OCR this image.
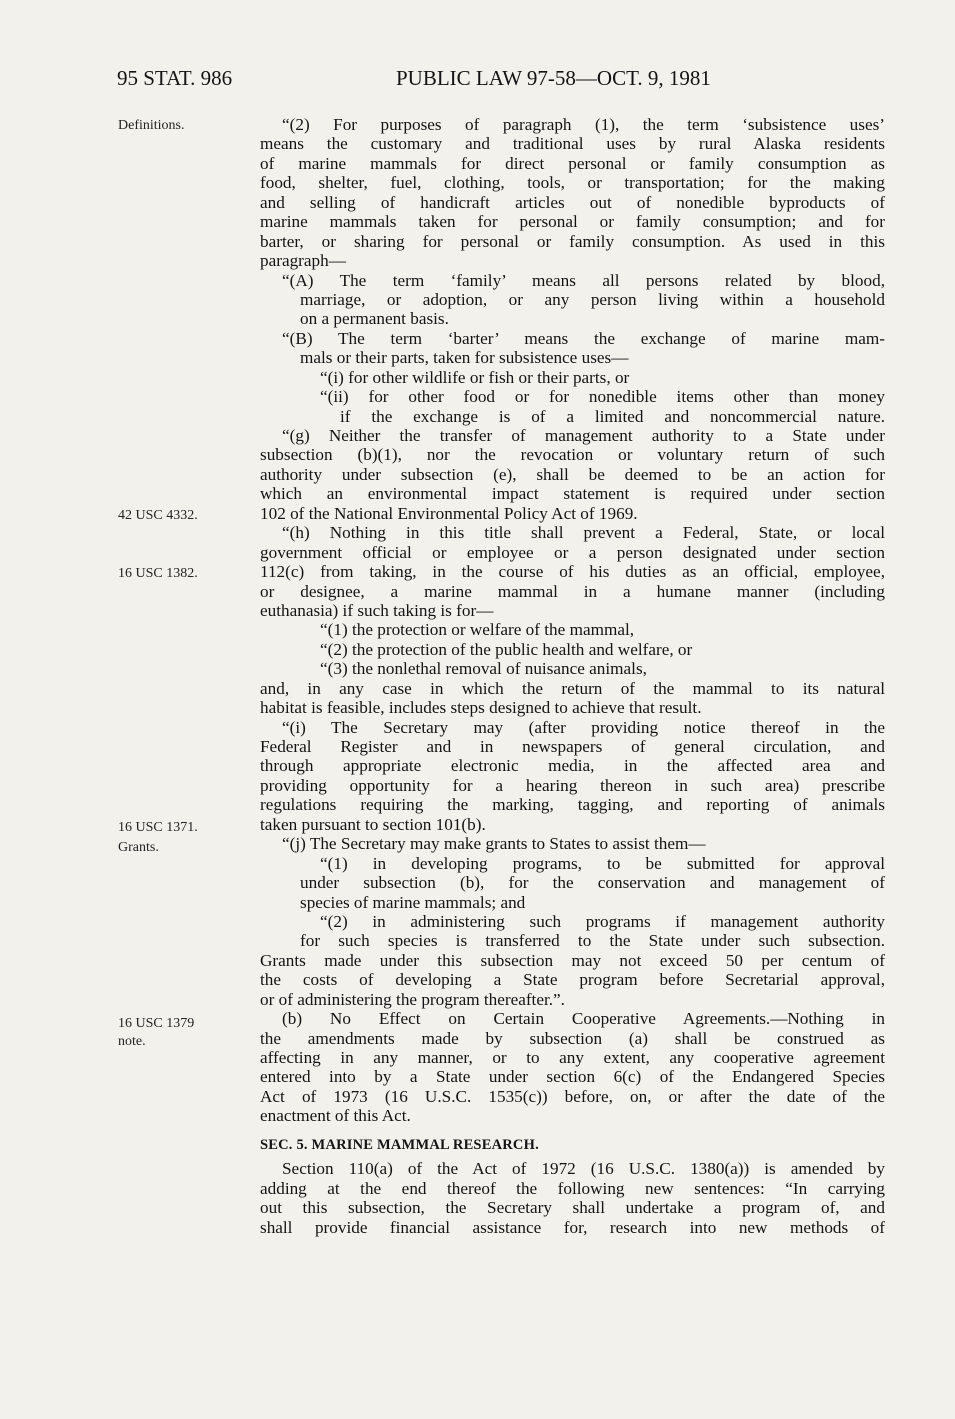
95 STAT. 986	PUBLIC LAW 97-58—OCT. 9, 1981
Definitions.
42 USC 4332.
16 USC 1382.
16 USC 1371.
Grants.
16 USC 1379
note.
“(2) For purposes of paragraph (1), the term ‘subsistence uses’
means the customary and traditional uses by rural Alaska residents
of marine mammals for direct personal or family consumption as
food, shelter, fuel, clothing, tools, or transportation; for the making
and selling of handicraft articles out of nonedible byproducts of
marine mammals taken for personal or family consumption; and for
barter, or sharing for personal or family consumption. As used in this
paragraph—
“(A) The term ‘family’ means all persons related by blood,
marriage, or adoption, or any person living within a household
on a permanent basis.
“(B) The term ‘barter’ means the exchange of marine mam-
mals or their parts, taken for subsistence uses—
“(i) for other wildlife or fish or their parts, or
“(ii) for other food or for nonedible items other than money
if the exchange is of a limited and noncommercial nature.
“(g) Neither the transfer of management authority to a State under
subsection (b)(1), nor the revocation or voluntary return of such
authority under subsection (e), shall be deemed to be an action for
which an environmental impact statement is required under section
102 of the National Environmental Policy Act of 1969.
“(h) Nothing in this title shall prevent a Federal, State, or local
government official or employee or a person designated under section
112(c) from taking, in the course of his duties as an official, employee,
or designee, a marine mammal in a humane manner (including
euthanasia) if such taking is for—
“(1) the protection or welfare of the mammal,
“(2) the protection of the public health and welfare, or
“(3) the nonlethal removal of nuisance animals,
and, in any case in which the return of the mammal to its natural
habitat is feasible, includes steps designed to achieve that result.
“(i) The Secretary may (after providing notice thereof in the
Federal Register and in newspapers of general circulation, and
through appropriate electronic media, in the affected area and
providing opportunity for a hearing thereon in such area) prescribe
regulations requiring the marking, tagging, and reporting of animals
taken pursuant to section 101(b).
“(j) The Secretary may make grants to States to assist them—
“(1) in developing programs, to be submitted for approval
under subsection (b), for the conservation and management of
species of marine mammals; and
“(2) in administering such programs if management authority
for such species is transferred to the State under such subsection.
Grants made under this subsection may not exceed 50 per centum of
the costs of developing a State program before Secretarial approval,
or of administering the program thereafter.”.
(b) No Effect on Certain Cooperative Agreements.—Nothing in
the amendments made by subsection (a) shall be construed as
affecting in any manner, or to any extent, any cooperative agreement
entered into by a State under section 6(c) of the Endangered Species
Act of 1973 (16 U.S.C. 1535(c)) before, on, or after the date of the
enactment of this Act.
SEC. 5. MARINE MAMMAL RESEARCH.
Section 110(a) of the Act of 1972 (16 U.S.C. 1380(a)) is amended by
adding at the end thereof the following new sentences: “In carrying
out this subsection, the Secretary shall undertake a program of, and
shall provide financial assistance for, research into new methods of
